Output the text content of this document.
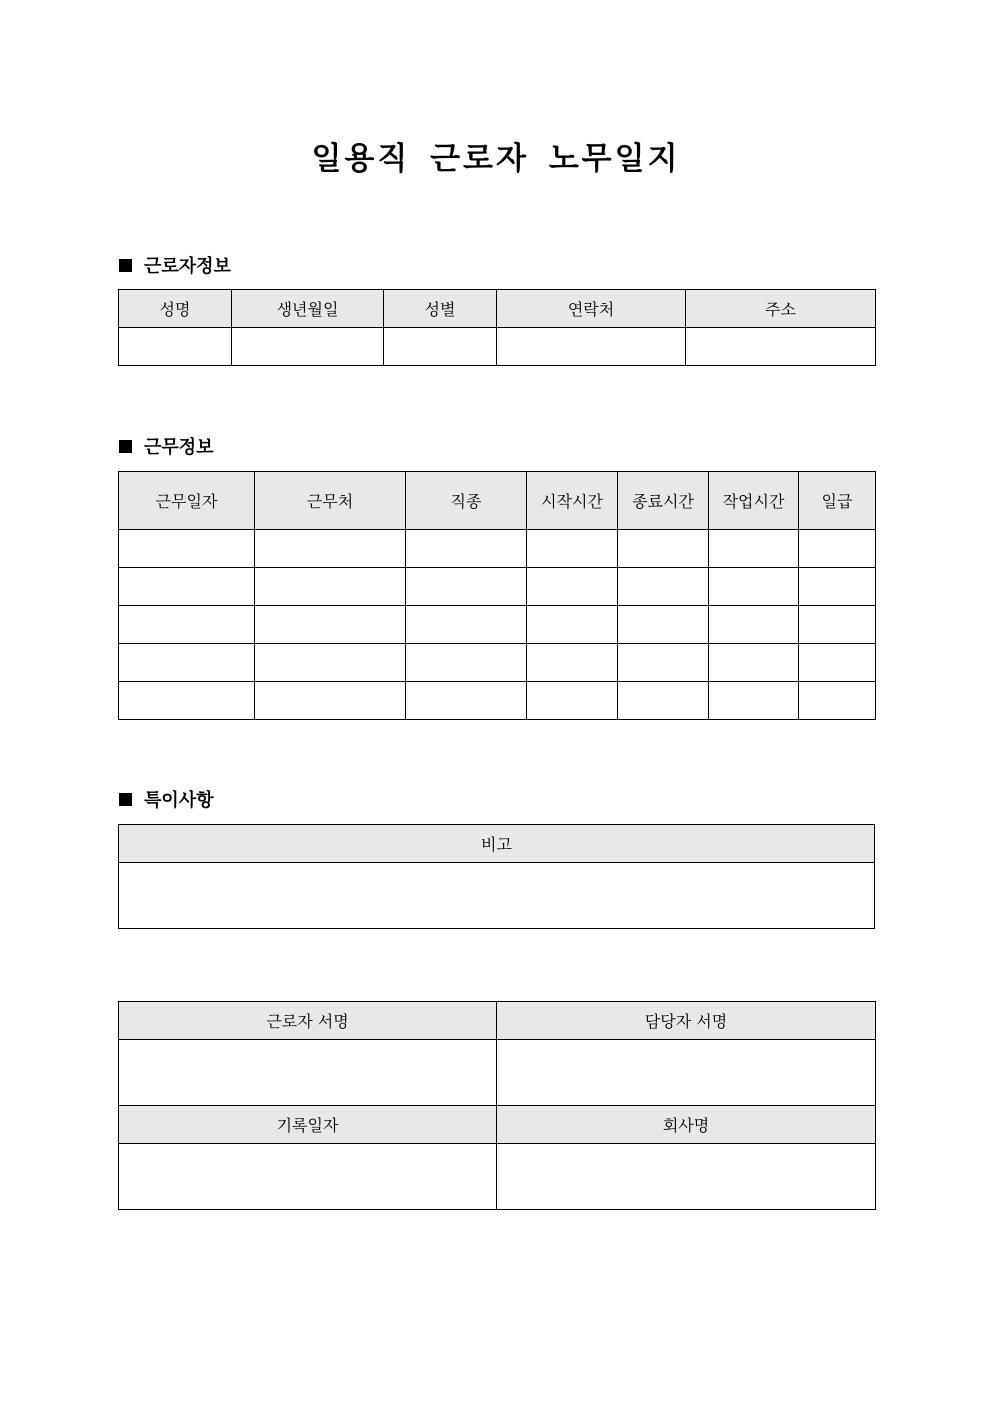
일용직 근로자 노무일지
근로자정보
성명	생년월일	성별	연락처	주소

근무정보
근무일자	근무처	직종	시작시간	종료시간	작업시간	일급

특이사항
비고

근로자 서명	담당자 서명

기록일자	회사명
